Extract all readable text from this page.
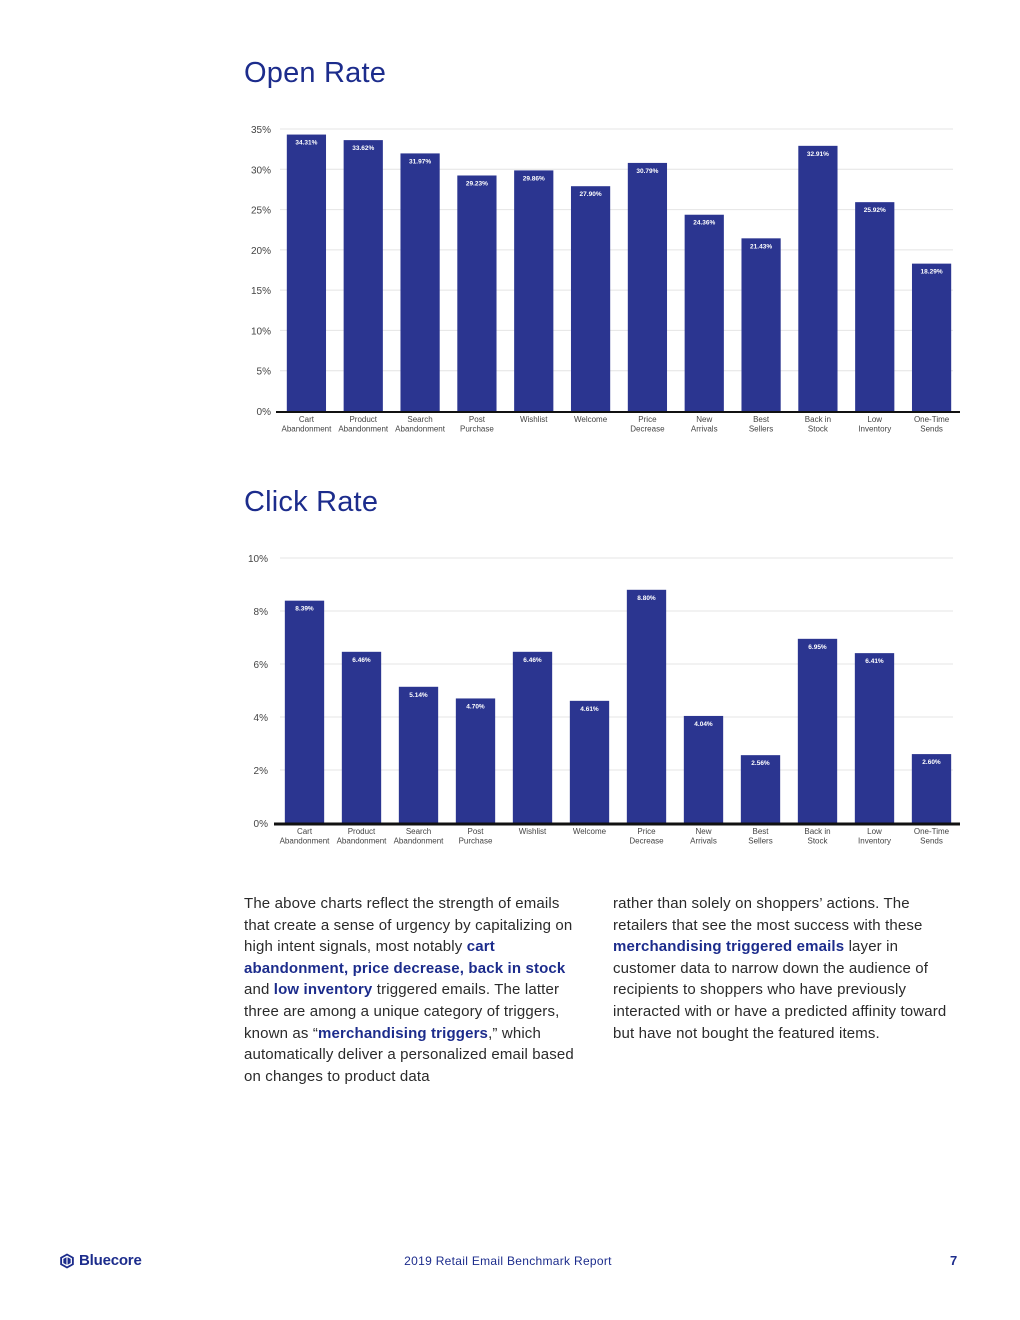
Open Rate
0%
5%
10%
15%
20%
25%
30%
35%
34.31%
Cart
Abandonment
33.62%
Product
Abandonment
31.97%
Search
Abandonment
29.23%
Post
Purchase
29.86%
Wishlist
27.90%
Welcome
30.79%
Price
Decrease
24.36%
New
Arrivals
21.43%
Best
Sellers
32.91%
Back in
Stock
25.92%
Low
Inventory
18.29%
One-Time
Sends
Click Rate
0%
2%
4%
6%
8%
10%
8.39%
Cart
Abandonment
6.46%
Product
Abandonment
5.14%
Search
Abandonment
4.70%
Post
Purchase
6.46%
Wishlist
4.61%
Welcome
8.80%
Price
Decrease
4.04%
New
Arrivals
2.56%
Best
Sellers
6.95%
Back in
Stock
6.41%
Low
Inventory
2.60%
One-Time
Sends

The above charts reflect the strength of emails that create a sense of urgency by capitalizing on high intent signals, most notably cart abandonment, price decrease, back in stock and low inventory triggered emails. The latter three are among a unique category of triggers, known as “merchandising triggers,” which automatically deliver a personalized email based on changes to product data

rather than solely on shoppers’ actions. The retailers that see the most success with these merchandising triggered emails layer in customer data to narrow down the audience of recipients to shoppers who have previously interacted with or have a predicted affinity toward but have not bought the featured items.

Bluecore	2019 Retail Email Benchmark Report	7
